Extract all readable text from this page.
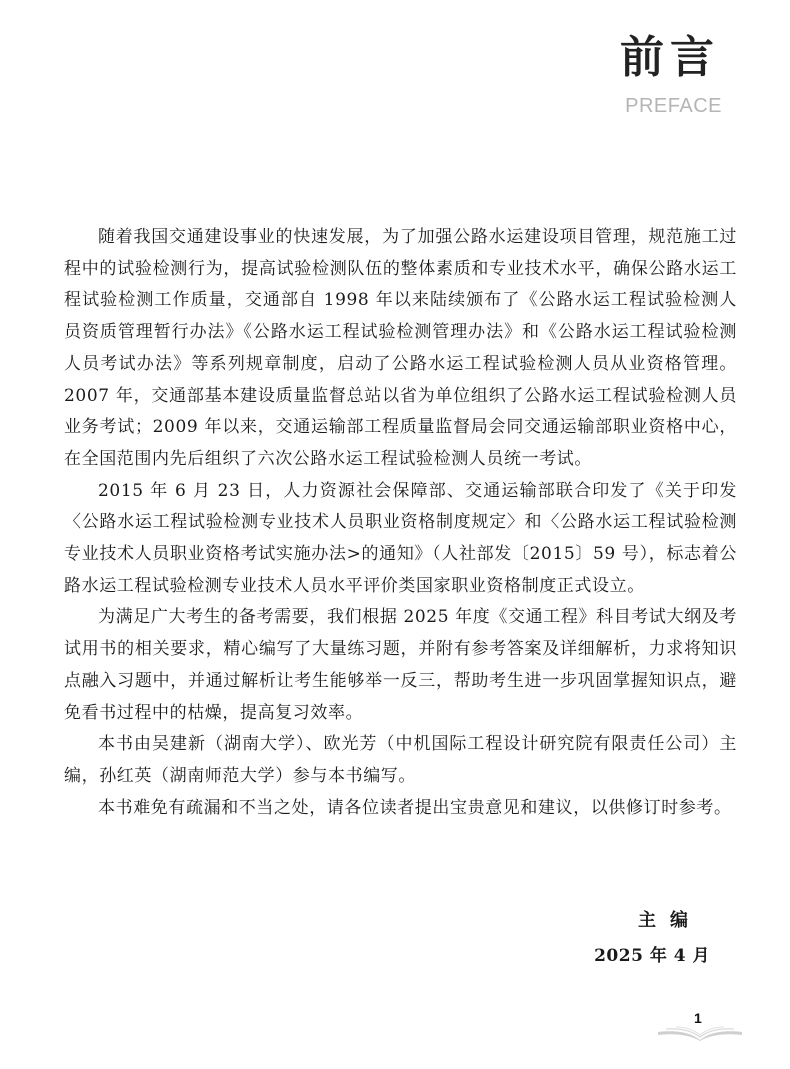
前言
PREFACE

随着我国交通建设事业的快速发展，为了加强公路水运建设项目管理，规范施工过程中的试验检测行为，提高试验检测队伍的整体素质和专业技术水平，确保公路水运工程试验检测工作质量，交通部自 1998 年以来陆续颁布了《公路水运工程试验检测人员资质管理暂行办法》《公路水运工程试验检测管理办法》和《公路水运工程试验检测人员考试办法》等系列规章制度，启动了公路水运工程试验检测人员从业资格管理。2007 年，交通部基本建设质量监督总站以省为单位组织了公路水运工程试验检测人员业务考试；2009 年以来，交通运输部工程质量监督局会同交通运输部职业资格中心，在全国范围内先后组织了六次公路水运工程试验检测人员统一考试。

2015 年 6 月 23 日，人力资源社会保障部、交通运输部联合印发了《关于印发〈公路水运工程试验检测专业技术人员职业资格制度规定〉和〈公路水运工程试验检测专业技术人员职业资格考试实施办法>的通知》（人社部发〔2015〕59 号），标志着公路水运工程试验检测专业技术人员水平评价类国家职业资格制度正式设立。

为满足广大考生的备考需要，我们根据 2025 年度《交通工程》科目考试大纲及考试用书的相关要求，精心编写了大量练习题，并附有参考答案及详细解析，力求将知识点融入习题中，并通过解析让考生能够举一反三，帮助考生进一步巩固掌握知识点，避免看书过程中的枯燥，提高复习效率。

本书由吴建新（湖南大学）、欧光芳（中机国际工程设计研究院有限责任公司）主编，孙红英（湖南师范大学）参与本书编写。

本书难免有疏漏和不当之处，请各位读者提出宝贵意见和建议，以供修订时参考。

主编
2025 年 4 月
1
